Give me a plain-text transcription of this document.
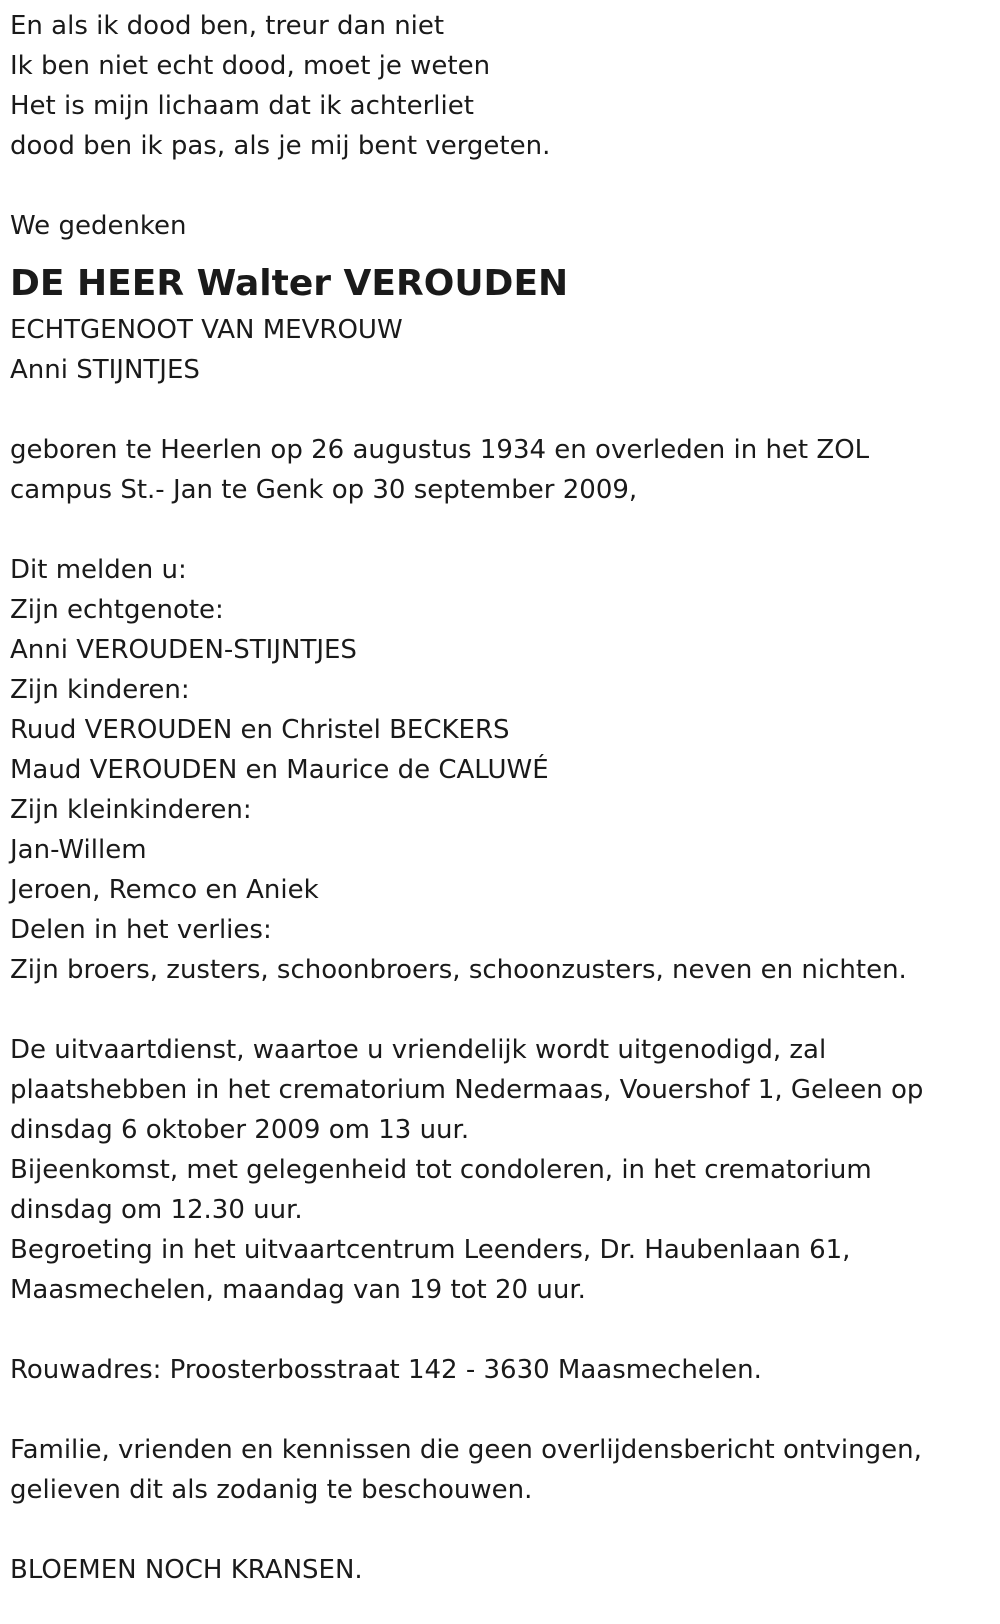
En als ik dood ben, treur dan niet

Ik ben niet echt dood, moet je weten

Het is mijn lichaam dat ik achterliet

dood ben ik pas, als je mij bent vergeten.

We gedenken

DE HEER Walter VEROUDEN

ECHTGENOOT VAN MEVROUW

Anni STIJNTJES

geboren te Heerlen op 26 augustus 1934 en overleden in het ZOL

campus St.- Jan te Genk op 30 september 2009,

Dit melden u:

Zijn echtgenote:

Anni VEROUDEN-STIJNTJES

Zijn kinderen:

Ruud VEROUDEN en Christel BECKERS

Maud VEROUDEN en Maurice de CALUWÉ

Zijn kleinkinderen:

Jan-Willem

Jeroen, Remco en Aniek

Delen in het verlies:

Zijn broers, zusters, schoonbroers, schoonzusters, neven en nichten.

De uitvaartdienst, waartoe u vriendelijk wordt uitgenodigd, zal

plaatshebben in het crematorium Nedermaas, Vouershof 1, Geleen op

dinsdag 6 oktober 2009 om 13 uur.

Bijeenkomst, met gelegenheid tot condoleren, in het crematorium

dinsdag om 12.30 uur.

Begroeting in het uitvaartcentrum Leenders, Dr. Haubenlaan 61,

Maasmechelen, maandag van 19 tot 20 uur.

Rouwadres: Proosterbosstraat 142 - 3630 Maasmechelen.

Familie, vrienden en kennissen die geen overlijdensbericht ontvingen,

gelieven dit als zodanig te beschouwen.

BLOEMEN NOCH KRANSEN.
